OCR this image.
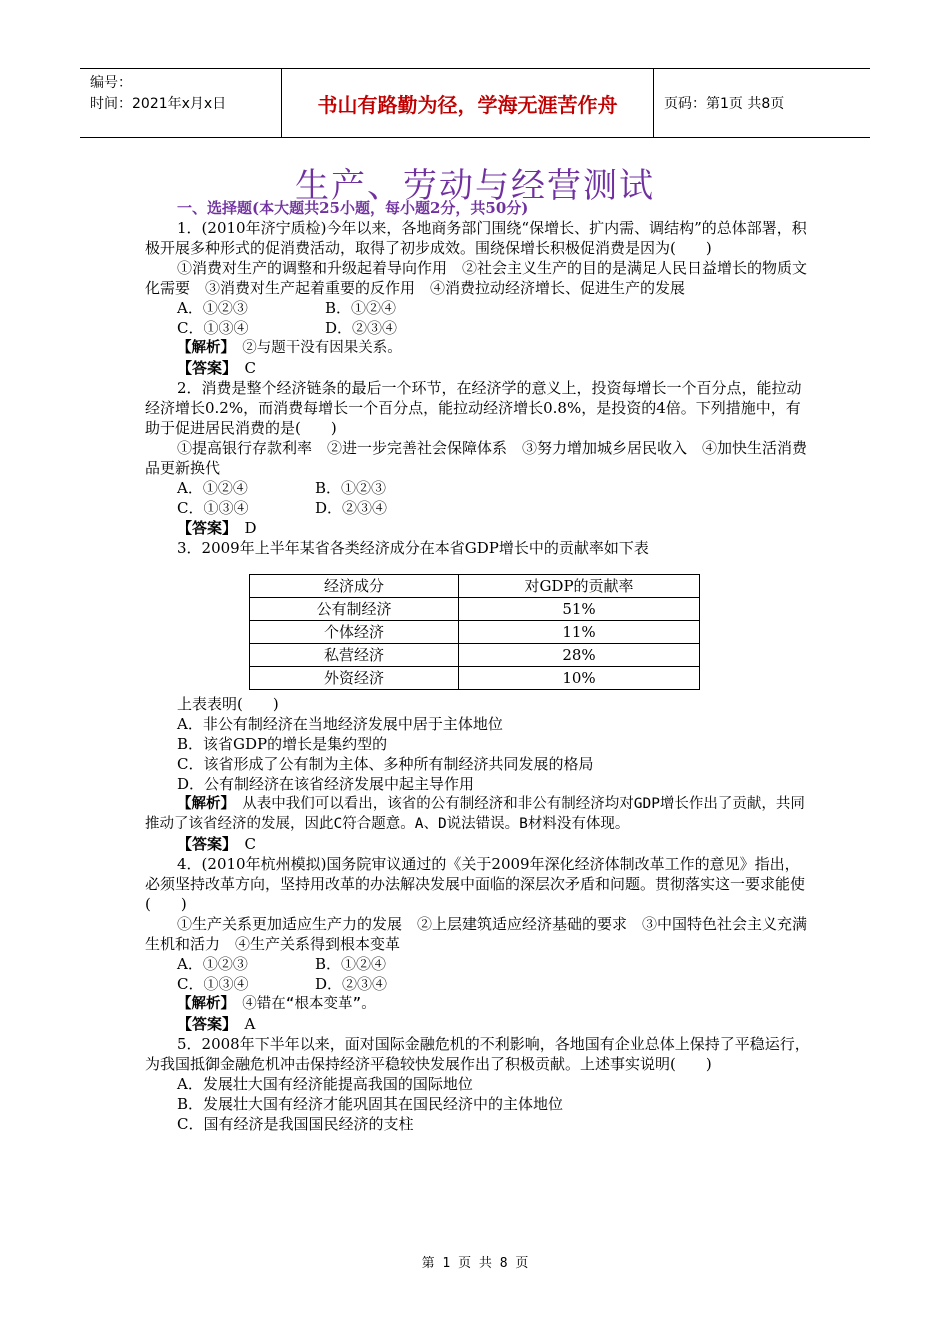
编号：
时间：2021年x月x日	书山有路勤为径，学海无涯苦作舟	页码：第1页 共8页
生产、劳动与经营测试

一、选择题(本大题共25小题，每小题2分，共50分)

1．(2010年济宁质检)今年以来，各地商务部门围绕“保增长、扩内需、调结构”的总体部署，积极开展多种形式的促消费活动，取得了初步成效。围绕保增长积极促消费是因为(　　)

①消费对生产的调整和升级起着导向作用　②社会主义生产的目的是满足人民日益增长的物质文化需要　③消费对生产起着重要的反作用　④消费拉动经济增长、促进生产的发展

A．①②③	B．①②④
C．①③④	D．②③④

【解析】　 ②与题干没有因果关系。

【答案】　 C

2．消费是整个经济链条的最后一个环节，在经济学的意义上，投资每增长一个百分点，能拉动经济增长0.2%，而消费每增长一个百分点，能拉动经济增长0.8%，是投资的4倍。下列措施中，有助于促进居民消费的是(　　)

①提高银行存款利率　②进一步完善社会保障体系　③努力增加城乡居民收入　④加快生活消费品更新换代

A．①②④	B．①②③
C．①③④	D．②③④

【答案】　 D

3．2009年上半年某省各类经济成分在本省GDP增长中的贡献率如下表

经济成分	对GDP的贡献率
公有制经济	51%
个体经济	11%
私营经济	28%
外资经济	10%

上表表明(　　)

A．非公有制经济在当地经济发展中居于主体地位

B．该省GDP的增长是集约型的

C．该省形成了公有制为主体、多种所有制经济共同发展的格局

D．公有制经济在该省经济发展中起主导作用

【解析】　 从表中我们可以看出，该省的公有制经济和非公有制经济均对GDP增长作出了贡献，共同推动了该省经济的发展，因此C符合题意。A、D说法错误。B材料没有体现。

【答案】　 C

4．(2010年杭州模拟)国务院审议通过的《关于2009年深化经济体制改革工作的意见》指出，必须坚持改革方向，坚持用改革的办法解决发展中面临的深层次矛盾和问题。贯彻落实这一要求能使(　　)

①生产关系更加适应生产力的发展　②上层建筑适应经济基础的要求　③中国特色社会主义充满生机和活力　④生产关系得到根本变革

A．①②③	B．①②④
C．①③④	D．②③④

【解析】　 ④错在“根本变革”。

【答案】　 A

5．2008年下半年以来，面对国际金融危机的不利影响，各地国有企业总体上保持了平稳运行，为我国抵御金融危机冲击保持经济平稳较快发展作出了积极贡献。上述事实说明(　　)

A．发展壮大国有经济能提高我国的国际地位

B．发展壮大国有经济才能巩固其在国民经济中的主体地位

C．国有经济是我国国民经济的支柱

第 1 页 共 8 页
